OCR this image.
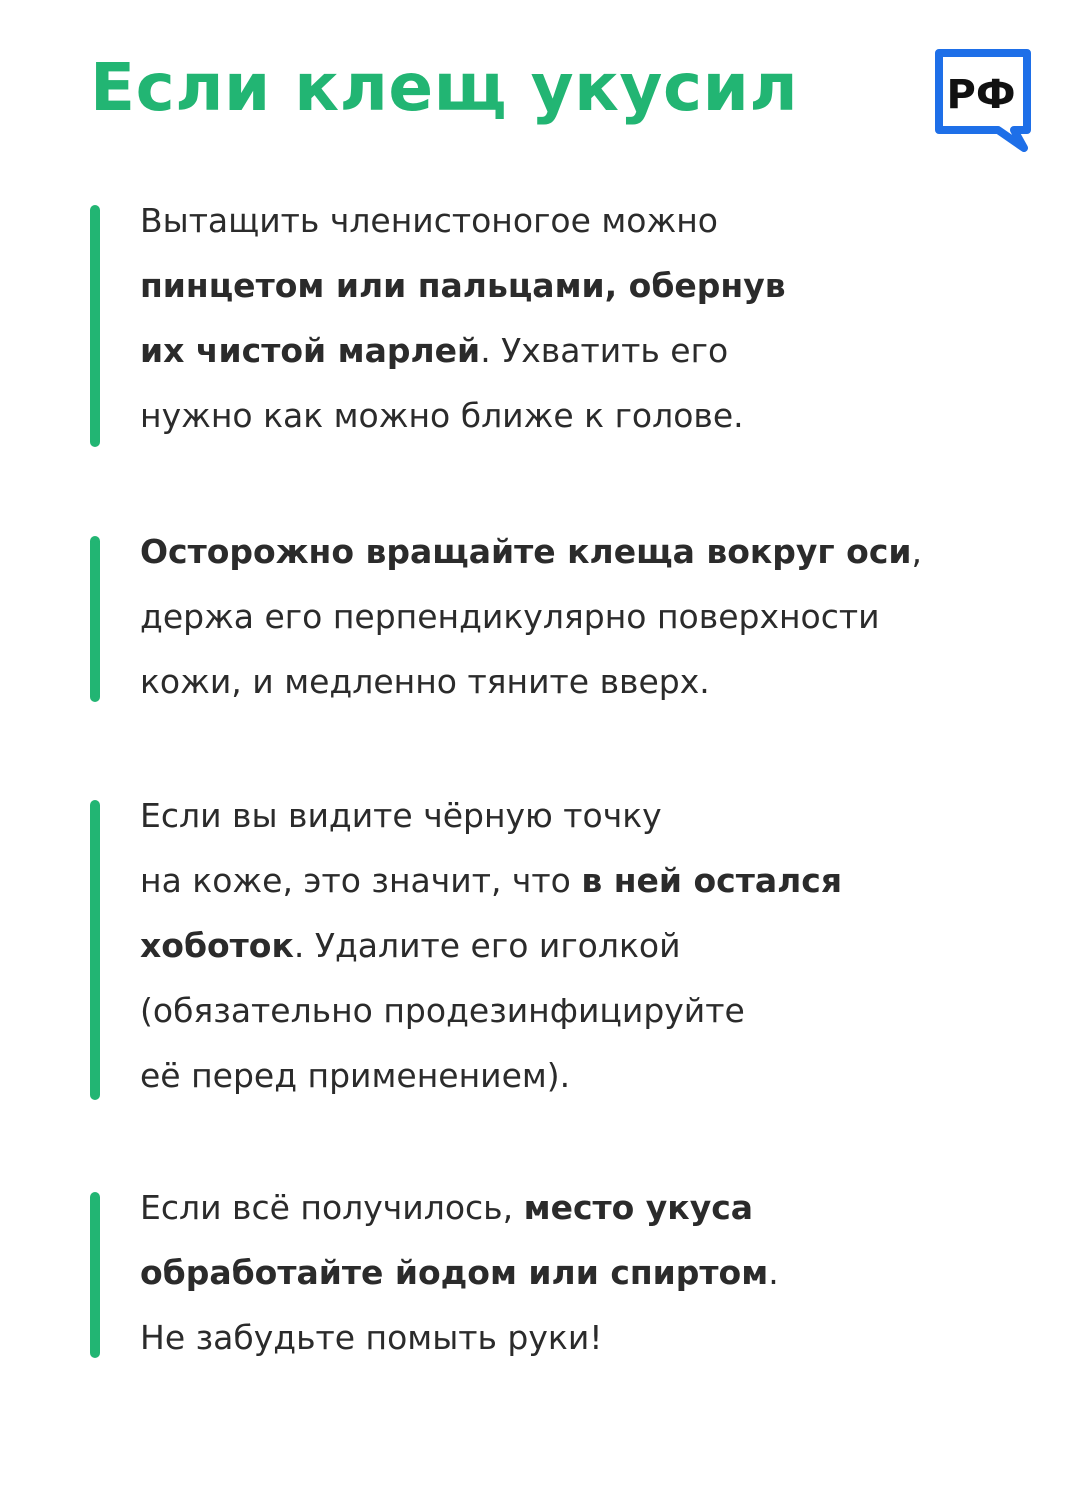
Если клещ укусил	РФ

Вытащить членистоногое можно
пинцетом или пальцами, обернув
их чистой марлей. Ухватить его
нужно как можно ближе к голове.

Осторожно вращайте клеща вокруг оси,
держа его перпендикулярно поверхности
кожи, и медленно тяните вверх.

Если вы видите чёрную точку
на коже, это значит, что в ней остался
хоботок. Удалите его иголкой
(обязательно продезинфицируйте
её перед применением).

Если всё получилось, место укуса
обработайте йодом или спиртом.
Не забудьте помыть руки!
